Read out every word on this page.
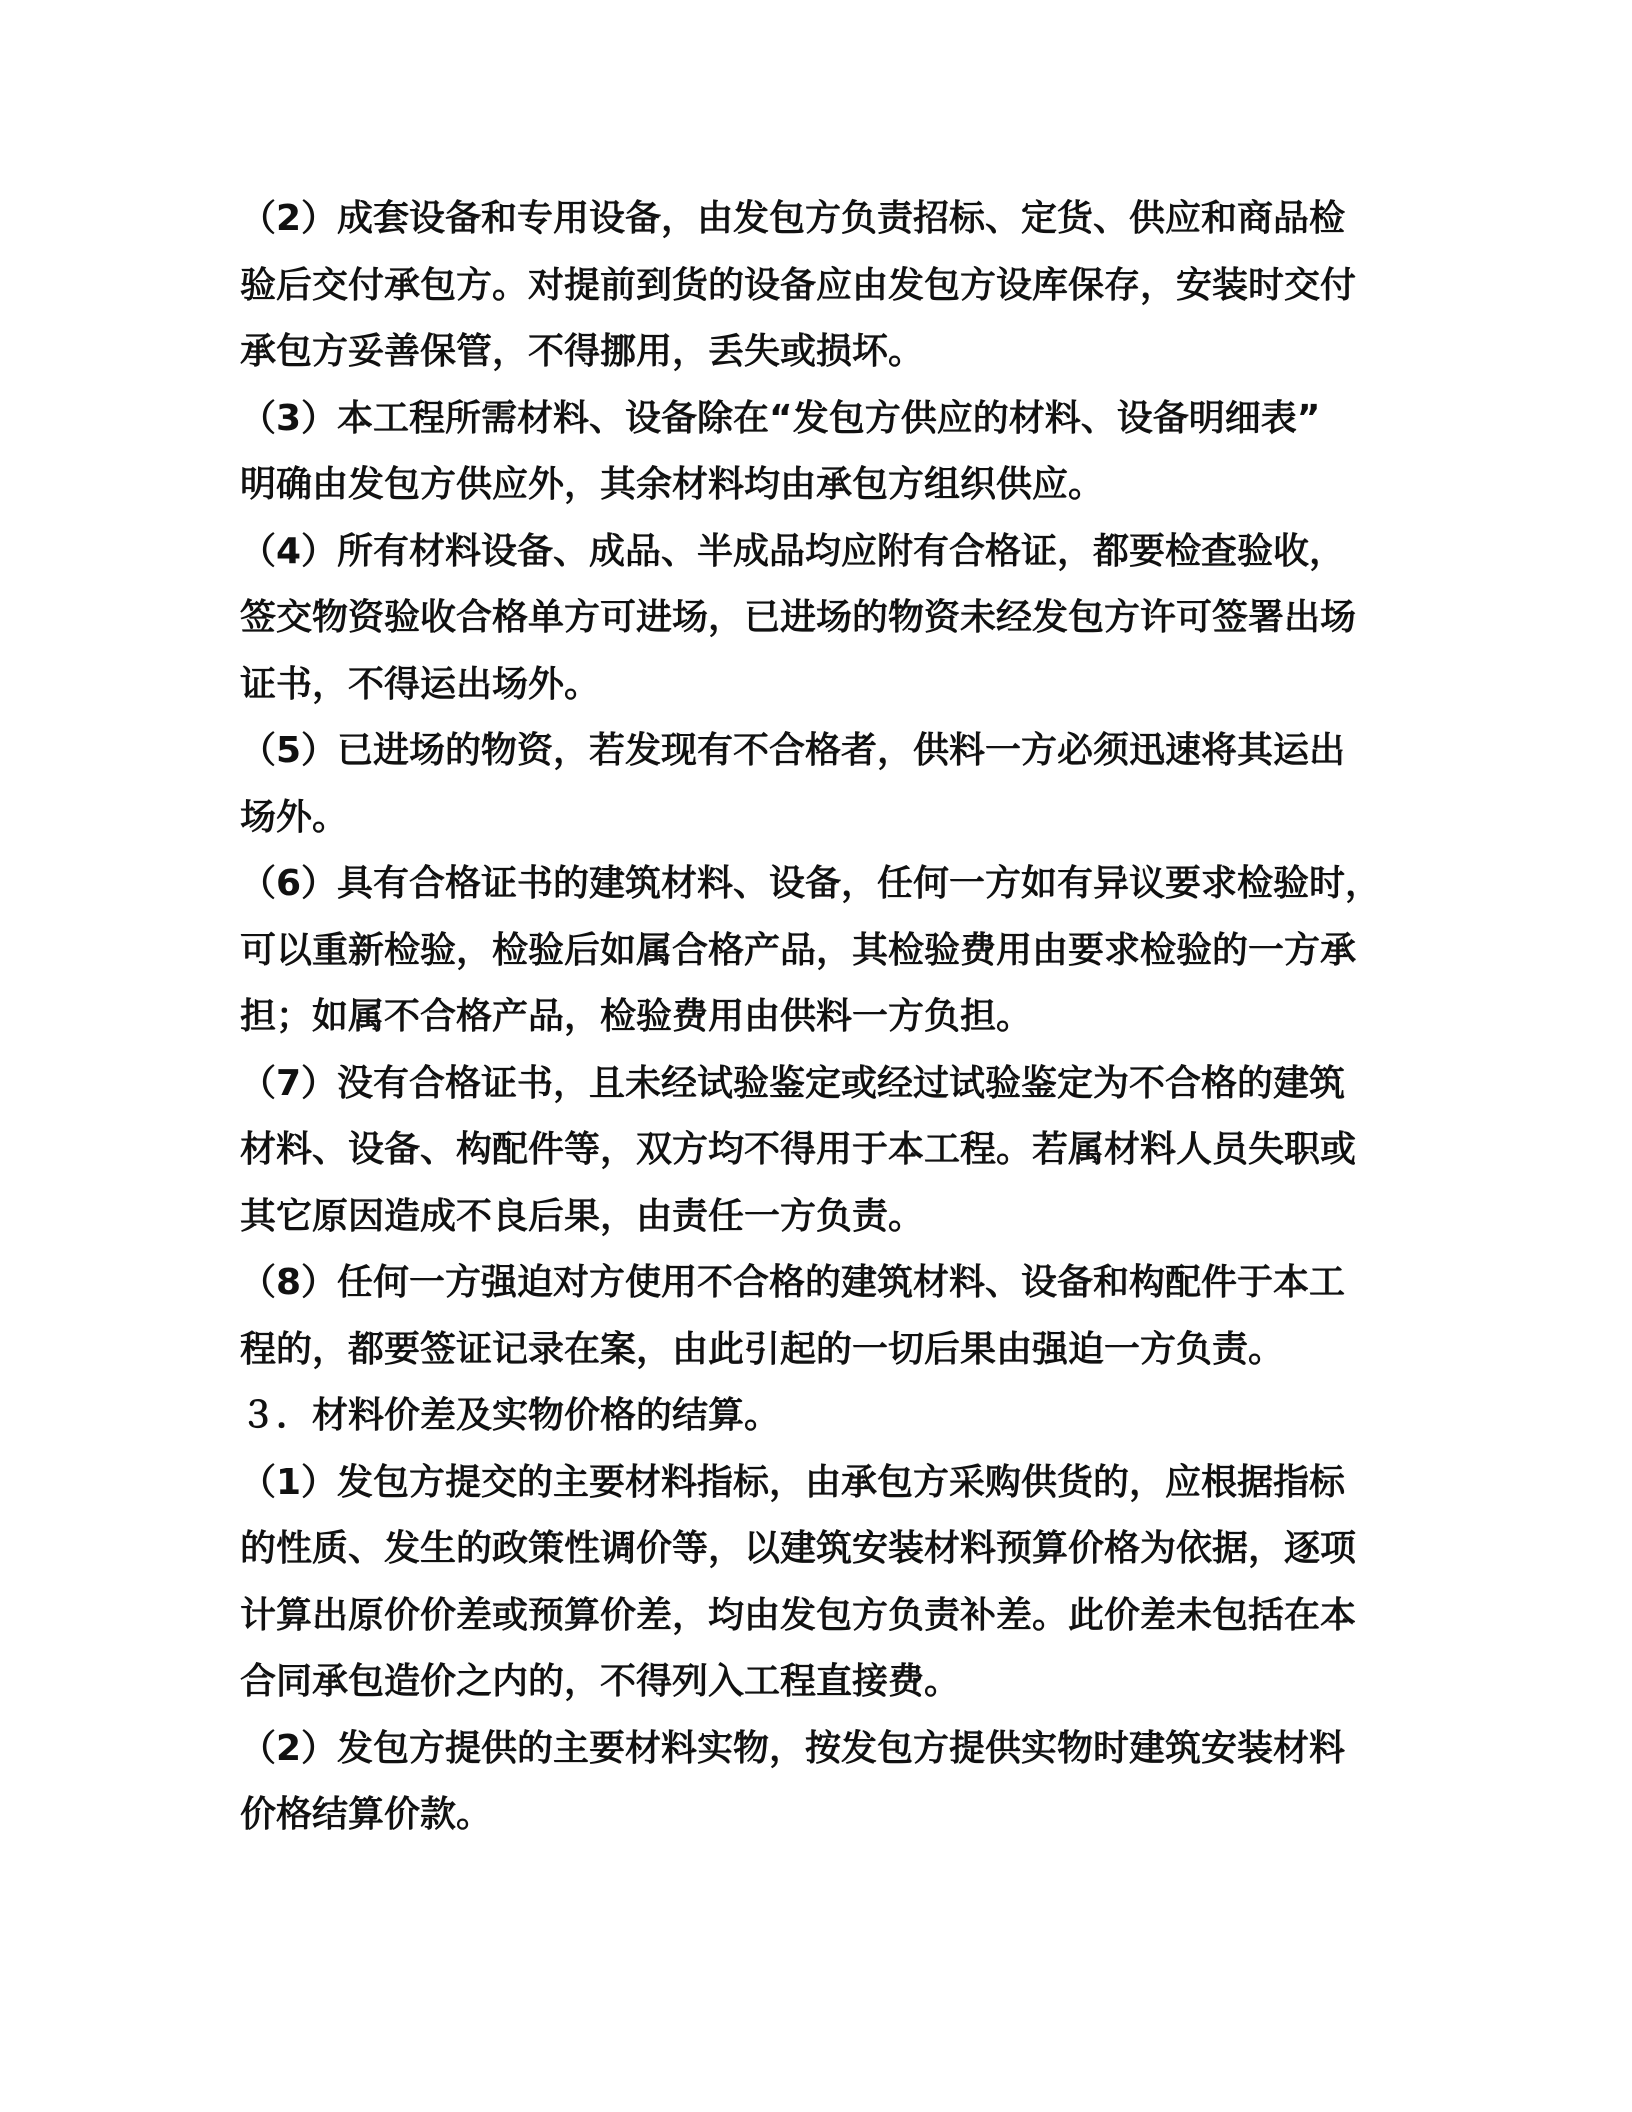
（2）成套设备和专用设备，由发包方负责招标、定货、供应和商品检
验后交付承包方。对提前到货的设备应由发包方设库保存，安装时交付
承包方妥善保管，不得挪用，丢失或损坏。

（3）本工程所需材料、设备除在“发包方供应的材料、设备明细表”
明确由发包方供应外，其余材料均由承包方组织供应。

（4）所有材料设备、成品、半成品均应附有合格证，都要检查验收，
签交物资验收合格单方可进场，已进场的物资未经发包方许可签署出场
证书，不得运出场外。

（5）已进场的物资，若发现有不合格者，供料一方必须迅速将其运出
场外。

（6）具有合格证书的建筑材料、设备，任何一方如有异议要求检验时，
可以重新检验，检验后如属合格产品，其检验费用由要求检验的一方承
担；如属不合格产品，检验费用由供料一方负担。

（7）没有合格证书，且未经试验鉴定或经过试验鉴定为不合格的建筑
材料、设备、构配件等，双方均不得用于本工程。若属材料人员失职或
其它原因造成不良后果，由责任一方负责。

（8）任何一方强迫对方使用不合格的建筑材料、设备和构配件于本工
程的，都要签证记录在案，由此引起的一切后果由强迫一方负责。

３．材料价差及实物价格的结算。

（1）发包方提交的主要材料指标，由承包方采购供货的，应根据指标
的性质、发生的政策性调价等，以建筑安装材料预算价格为依据，逐项
计算出原价价差或预算价差，均由发包方负责补差。此价差未包括在本
合同承包造价之内的，不得列入工程直接费。

（2）发包方提供的主要材料实物，按发包方提供实物时建筑安装材料
价格结算价款。
